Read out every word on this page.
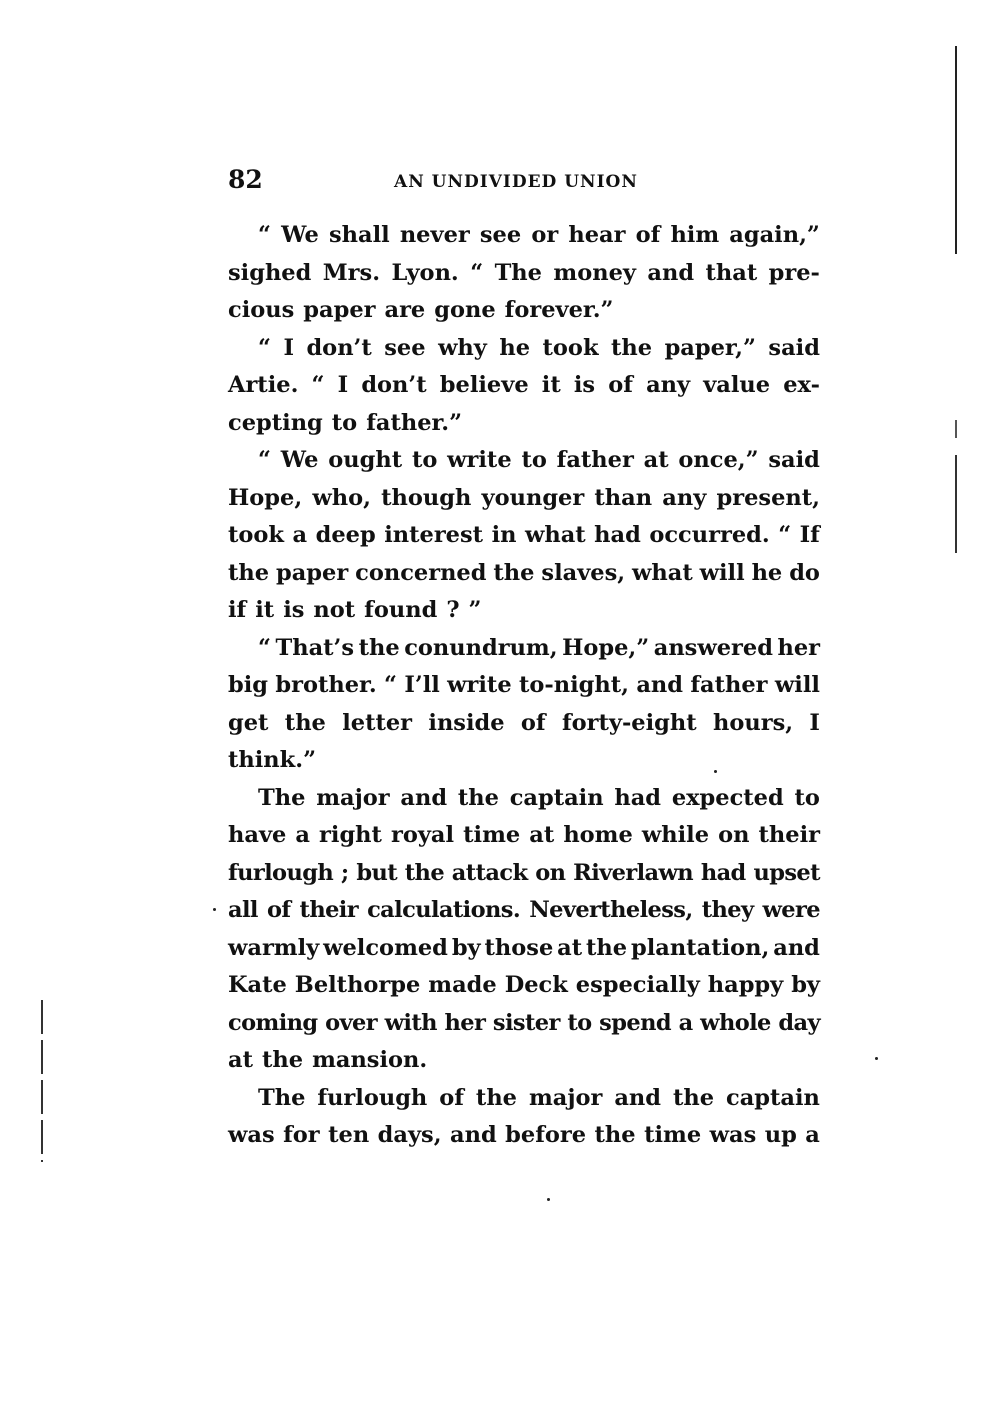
82	AN UNDIVIDED UNION
“ We shall never see or hear of him again,”
sighed Mrs. Lyon. “ The money and that pre-
cious paper are gone forever.”
“ I don’t see why he took the paper,” said
Artie. “ I don’t believe it is of any value ex-
cepting to father.”
“ We ought to write to father at once,” said
Hope, who, though younger than any present,
took a deep interest in what had occurred. “ If
the paper concerned the slaves, what will he do
if it is not found ? ”
“ That’s the conundrum, Hope,” answered her
big brother. “ I’ll write to-night, and father will
get the letter inside of forty-eight hours, I
think.”
The major and the captain had expected to
have a right royal time at home while on their
furlough ; but the attack on Riverlawn had upset
all of their calculations. Nevertheless, they were
warmly welcomed by those at the plantation, and
Kate Belthorpe made Deck especially happy by
coming over with her sister to spend a whole day
at the mansion.
The furlough of the major and the captain
was for ten days, and before the time was up a
